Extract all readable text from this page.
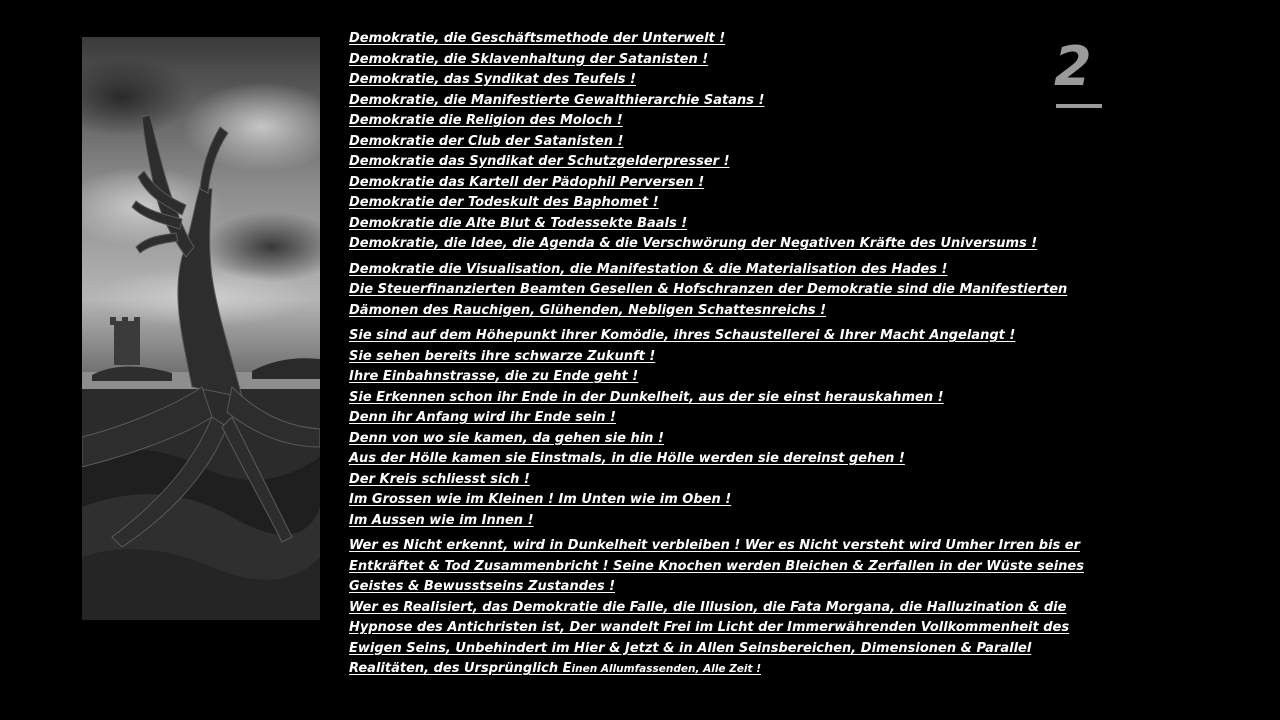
2
Demokratie, die Geschäftsmethode der Unterwelt !
Demokratie, die Sklavenhaltung der Satanisten !
Demokratie, das Syndikat des Teufels !
Demokratie, die Manifestierte Gewalthierarchie Satans !
Demokratie die Religion des Moloch !
Demokratie der Club der Satanisten !
Demokratie das Syndikat der Schutzgelderpresser !
Demokratie das Kartell der Pädophil Perversen !
Demokratie der Todeskult des Baphomet !
Demokratie die Alte Blut & Todessekte Baals !
Demokratie, die Idee, die Agenda & die Verschwörung der Negativen Kräfte des Universums !
Demokratie die Visualisation, die Manifestation & die Materialisation des Hades !
Die Steuerfinanzierten Beamten Gesellen & Hofschranzen der Demokratie sind die Manifestierten
Dämonen des Rauchigen, Glühenden, Nebligen Schattesnreichs !
Sie sind auf dem Höhepunkt ihrer Komödie, ihres Schaustellerei & Ihrer Macht Angelangt !
Sie sehen bereits ihre schwarze Zukunft !
Ihre Einbahnstrasse, die zu Ende geht !
Sie Erkennen schon ihr Ende in der Dunkelheit, aus der sie einst herauskahmen !
Denn ihr Anfang wird ihr Ende sein !
Denn von wo sie kamen, da gehen sie hin !
Aus der Hölle kamen sie Einstmals, in die Hölle werden sie dereinst gehen !
Der Kreis schliesst sich !
Im Grossen wie im Kleinen ! Im Unten wie im Oben !
Im Aussen wie im Innen !
Wer es Nicht erkennt, wird in Dunkelheit verbleiben ! Wer es Nicht versteht wird Umher Irren bis er
Entkräftet & Tod Zusammenbricht ! Seine Knochen werden Bleichen & Zerfallen in der Wüste seines
Geistes & Bewusstseins Zustandes !
Wer es Realisiert, das Demokratie die Falle, die Illusion, die Fata Morgana, die Halluzination & die
Hypnose des Antichristen ist, Der wandelt Frei im Licht der Immerwährenden Vollkommenheit des
Ewigen Seins, Unbehindert im Hier & Jetzt & in Allen Seinsbereichen, Dimensionen & Parallel
Realitäten, des Ursprünglich Einen Allumfassenden, Alle Zeit !
